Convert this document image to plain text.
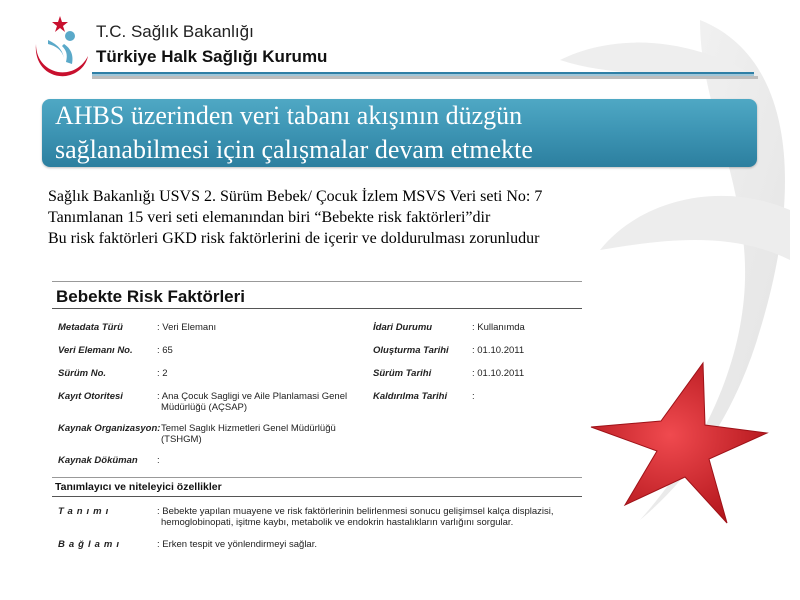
T.C. Sağlık Bakanlığı
Türkiye Halk Sağlığı Kurumu
AHBS üzerinden veri tabanı akışının düzgün
sağlanabilmesi için çalışmalar devam etmekte
Sağlık Bakanlığı USVS 2. Sürüm Bebek/ Çocuk İzlem MSVS Veri seti No: 7
Tanımlanan 15 veri seti elemanından biri “Bebekte risk faktörleri”dir
Bu risk faktörleri GKD risk faktörlerini de içerir ve doldurulması zorunludur
Bebekte Risk Faktörleri
Metadata Türü	: Veri Elemanı	İdari Durumu	: Kullanımda
Veri Elemanı No.	: 65	Oluşturma Tarihi : 01.10.2011
Sürüm No.	: 2	Sürüm Tarihi	: 01.10.2011
Kayıt Otoritesi	: Ana Çocuk Sagligi ve Aile Planlamasi Genel
Müdürlüğü (AÇSAP)
Kaldırılma Tarihi	:
Kaynak Organizasyon: Temel Saglık Hizmetleri Genel Müdürlüğü
(TSHGM)
Kaynak Döküman :
Tanımlayıcı ve niteleyici özellikler
Tanımı	: Bebekte yapılan muayene ve risk faktörlerinin belirlenmesi sonucu gelişimsel kalça displazisi,
hemoglobinopati, işitme kaybı, metabolik ve endokrin hastalıkların varlığını sorgular.
Bağlamı	: Erken tespit ve yönlendirmeyi sağlar.
